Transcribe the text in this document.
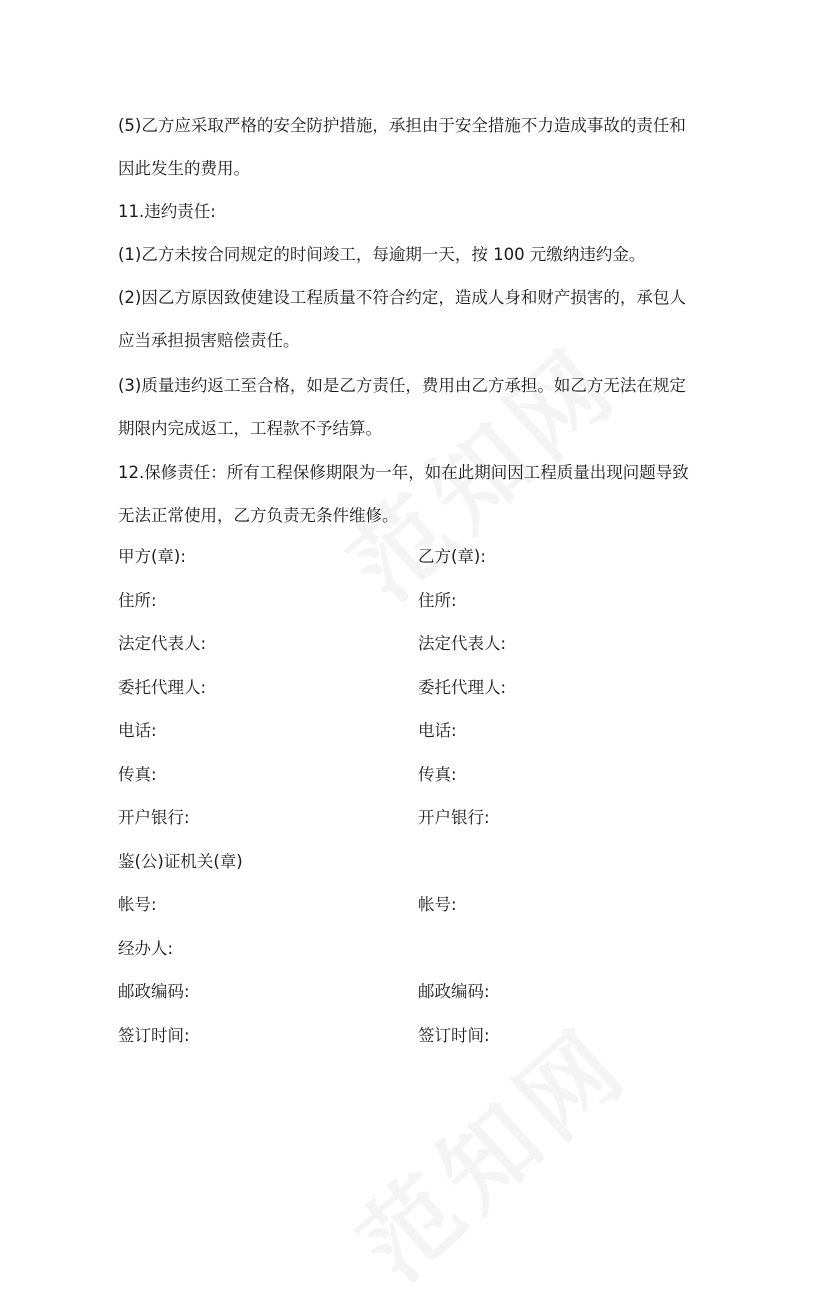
(5)乙方应采取严格的安全防护措施，承担由于安全措施不力造成事故的责任和
因此发生的费用。

11.违约责任:

(1)乙方未按合同规定的时间竣工，每逾期一天，按 100 元缴纳违约金。

(2)因乙方原因致使建设工程质量不符合约定，造成人身和财产损害的，承包人
应当承担损害赔偿责任。

(3)质量违约返工至合格，如是乙方责任，费用由乙方承担。如乙方无法在规定
期限内完成返工，工程款不予结算。

12.保修责任：所有工程保修期限为一年，如在此期间因工程质量出现问题导致
无法正常使用，乙方负责无条件维修。

甲方(章):
住所:
法定代表人:
委托代理人:
电话:
传真:
开户银行:
鉴(公)证机关(章)
帐号:
经办人:
邮政编码:
签订时间:
乙方(章):
住所:
法定代表人:
委托代理人:
电话:
传真:
开户银行:
帐号:
邮政编码:
签订时间:
